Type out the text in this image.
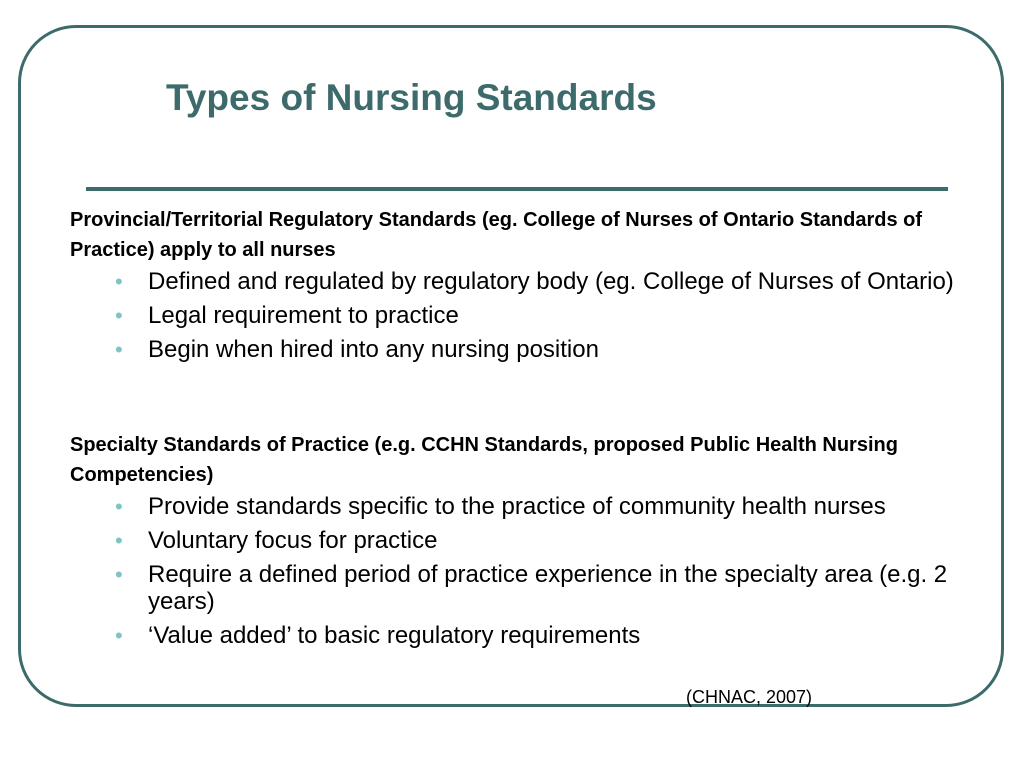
Types of Nursing Standards

Provincial/Territorial Regulatory Standards (eg. College of Nurses of Ontario Standards of Practice) apply to all nurses

• Defined and regulated by regulatory body (eg. College of Nurses of Ontario)
• Legal requirement to practice
• Begin when hired into any nursing position

Specialty Standards of Practice (e.g. CCHN Standards, proposed Public Health Nursing Competencies)

• Provide standards specific to the practice of community health nurses
• Voluntary focus for practice
• Require a defined period of practice experience in the specialty area (e.g. 2 years)
• ‘Value added’ to basic regulatory requirements
(CHNAC, 2007)
